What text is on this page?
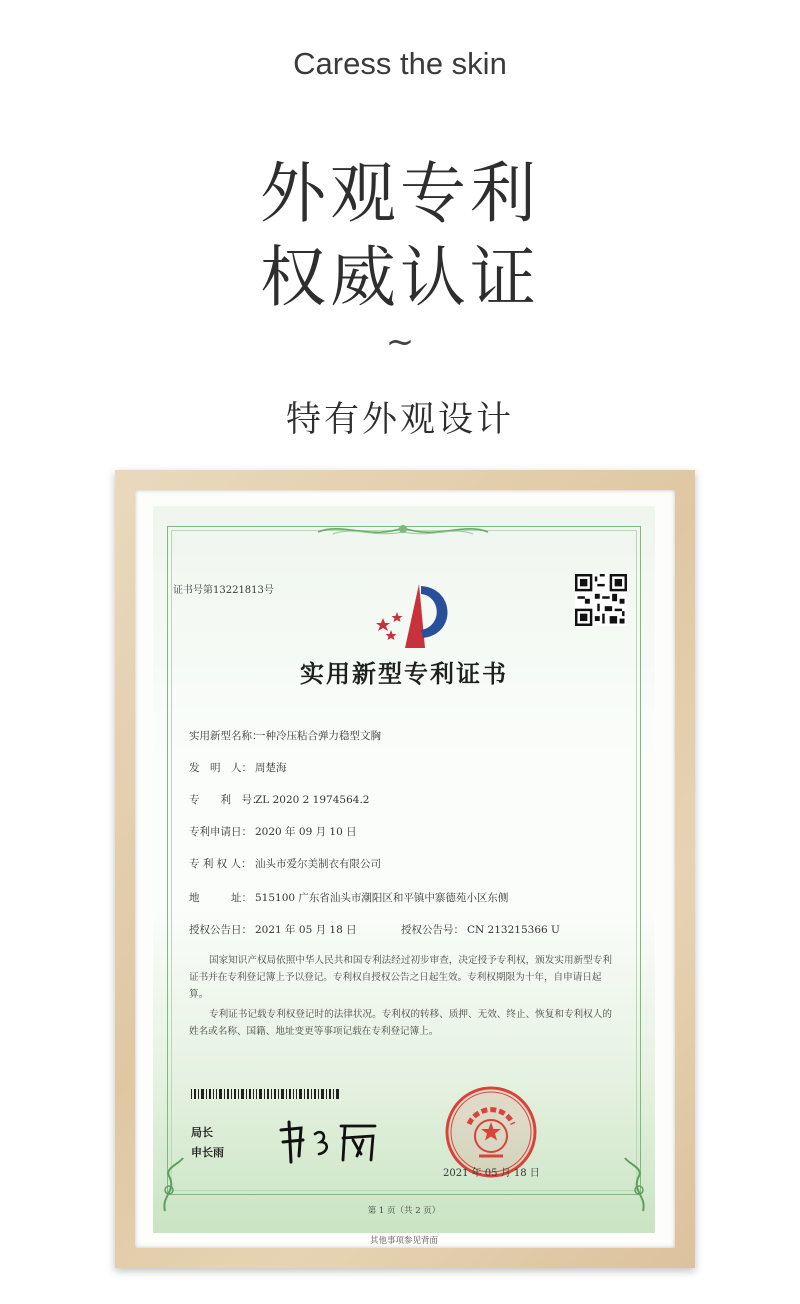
Caress the skin
外观专利
权威认证
~
特有外观设计
证书号第13221813号
实用新型专利证书
实用新型名称：一种冷压粘合弹力稳型文胸
发　明　人： 周楚海
专　　利　号：ZL 2020 2 1974564.2
专利申请日： 2020 年 09 月 10 日
专 利 权 人： 汕头市爱尔美制衣有限公司
地　　　址： 515100 广东省汕头市潮阳区和平镇中寨德苑小区东侧
授权公告日： 2021 年 05 月 18 日	授权公告号： CN 213215366 U
国家知识产权局依照中华人民共和国专利法经过初步审查，决定授予专利权，颁发实用新型专利证书并在专利登记簿上予以登记。专利权自授权公告之日起生效。专利权期限为十年，自申请日起算。
专利证书记载专利权登记时的法律状况。专利权的转移、质押、无效、终止、恢复和专利权人的姓名或名称、国籍、地址变更等事项记载在专利登记簿上。
局长
申长雨
2021 年 05 月 18 日
第 1 页（共 2 页）
其他事项参见背面
